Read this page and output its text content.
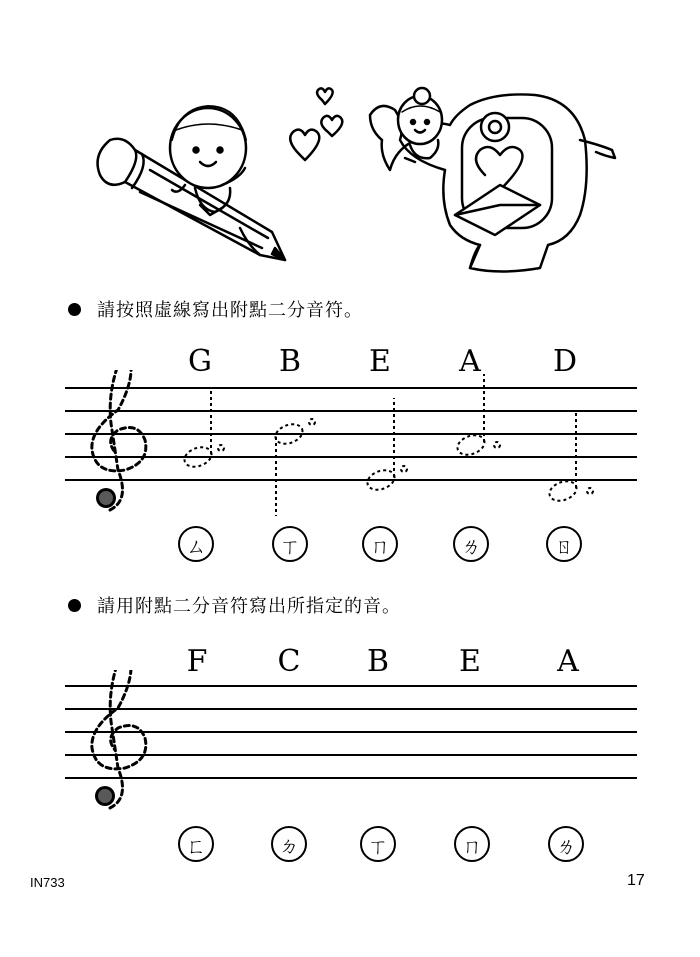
請按照虛線寫出附點二分音符。
G B E A D
ㄙ	ㄒ	ㄇ	ㄌ	ㄖ
請用附點二分音符寫出所指定的音。
F C B E	A
ㄈ	ㄉ	ㄒ	ㄇ	ㄌ
IN733	17
